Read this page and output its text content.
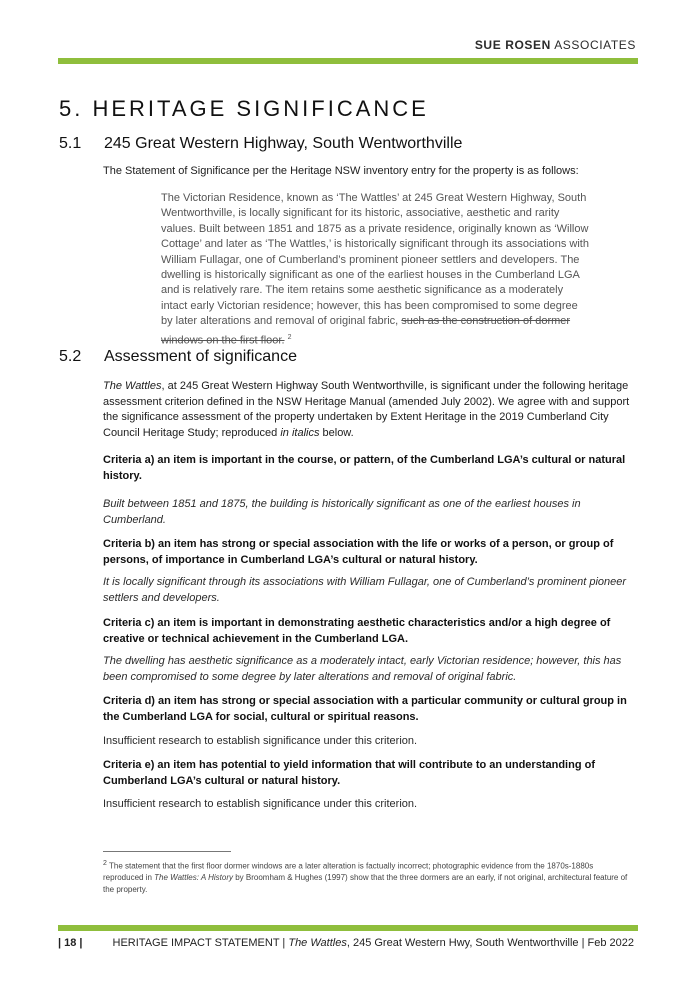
SUE ROSEN ASSOCIATES
5. HERITAGE SIGNIFICANCE
5.1 245 Great Western Highway, South Wentworthville
The Statement of Significance per the Heritage NSW inventory entry for the property is as follows:
The Victorian Residence, known as ‘The Wattles’ at 245 Great Western Highway, South Wentworthville, is locally significant for its historic, associative, aesthetic and rarity values. Built between 1851 and 1875 as a private residence, originally known as ‘Willow Cottage’ and later as ‘The Wattles,’ is historically significant through its associations with William Fullagar, one of Cumberland’s prominent pioneer settlers and developers. The dwelling is historically significant as one of the earliest houses in the Cumberland LGA and is relatively rare. The item retains some aesthetic significance as a moderately intact early Victorian residence; however, this has been compromised to some degree by later alterations and removal of original fabric, such as the construction of dormer windows on the first floor. $^2$
5.2 Assessment of significance
The Wattles, at 245 Great Western Highway South Wentworthville, is significant under the following heritage assessment criterion defined in the NSW Heritage Manual (amended July 2002). We agree with and support the significance assessment of the property undertaken by Extent Heritage in the 2019 Cumberland City Council Heritage Study; reproduced in italics below.
Criteria a) an item is important in the course, or pattern, of the Cumberland LGA’s cultural or natural history.
Built between 1851 and 1875, the building is historically significant as one of the earliest houses in Cumberland.
Criteria b) an item has strong or special association with the life or works of a person, or group of persons, of importance in Cumberland LGA’s cultural or natural history.
It is locally significant through its associations with William Fullagar, one of Cumberland’s prominent pioneer settlers and developers.
Criteria c) an item is important in demonstrating aesthetic characteristics and/or a high degree of creative or technical achievement in the Cumberland LGA.
The dwelling has aesthetic significance as a moderately intact, early Victorian residence; however, this has been compromised to some degree by later alterations and removal of original fabric.
Criteria d) an item has strong or special association with a particular community or cultural group in the Cumberland LGA for social, cultural or spiritual reasons.
Insufficient research to establish significance under this criterion.
Criteria e) an item has potential to yield information that will contribute to an understanding of Cumberland LGA’s cultural or natural history.
Insufficient research to establish significance under this criterion.
2 The statement that the first floor dormer windows are a later alteration is factually incorrect; photographic evidence from the 1870s-1880s reproduced in The Wattles: A History by Broomham & Hughes (1997) show that the three dormers are an early, if not original, architectural feature of the property.
| 18 |	HERITAGE IMPACT STATEMENT | The Wattles, 245 Great Western Hwy, South Wentworthville | Feb 2022
